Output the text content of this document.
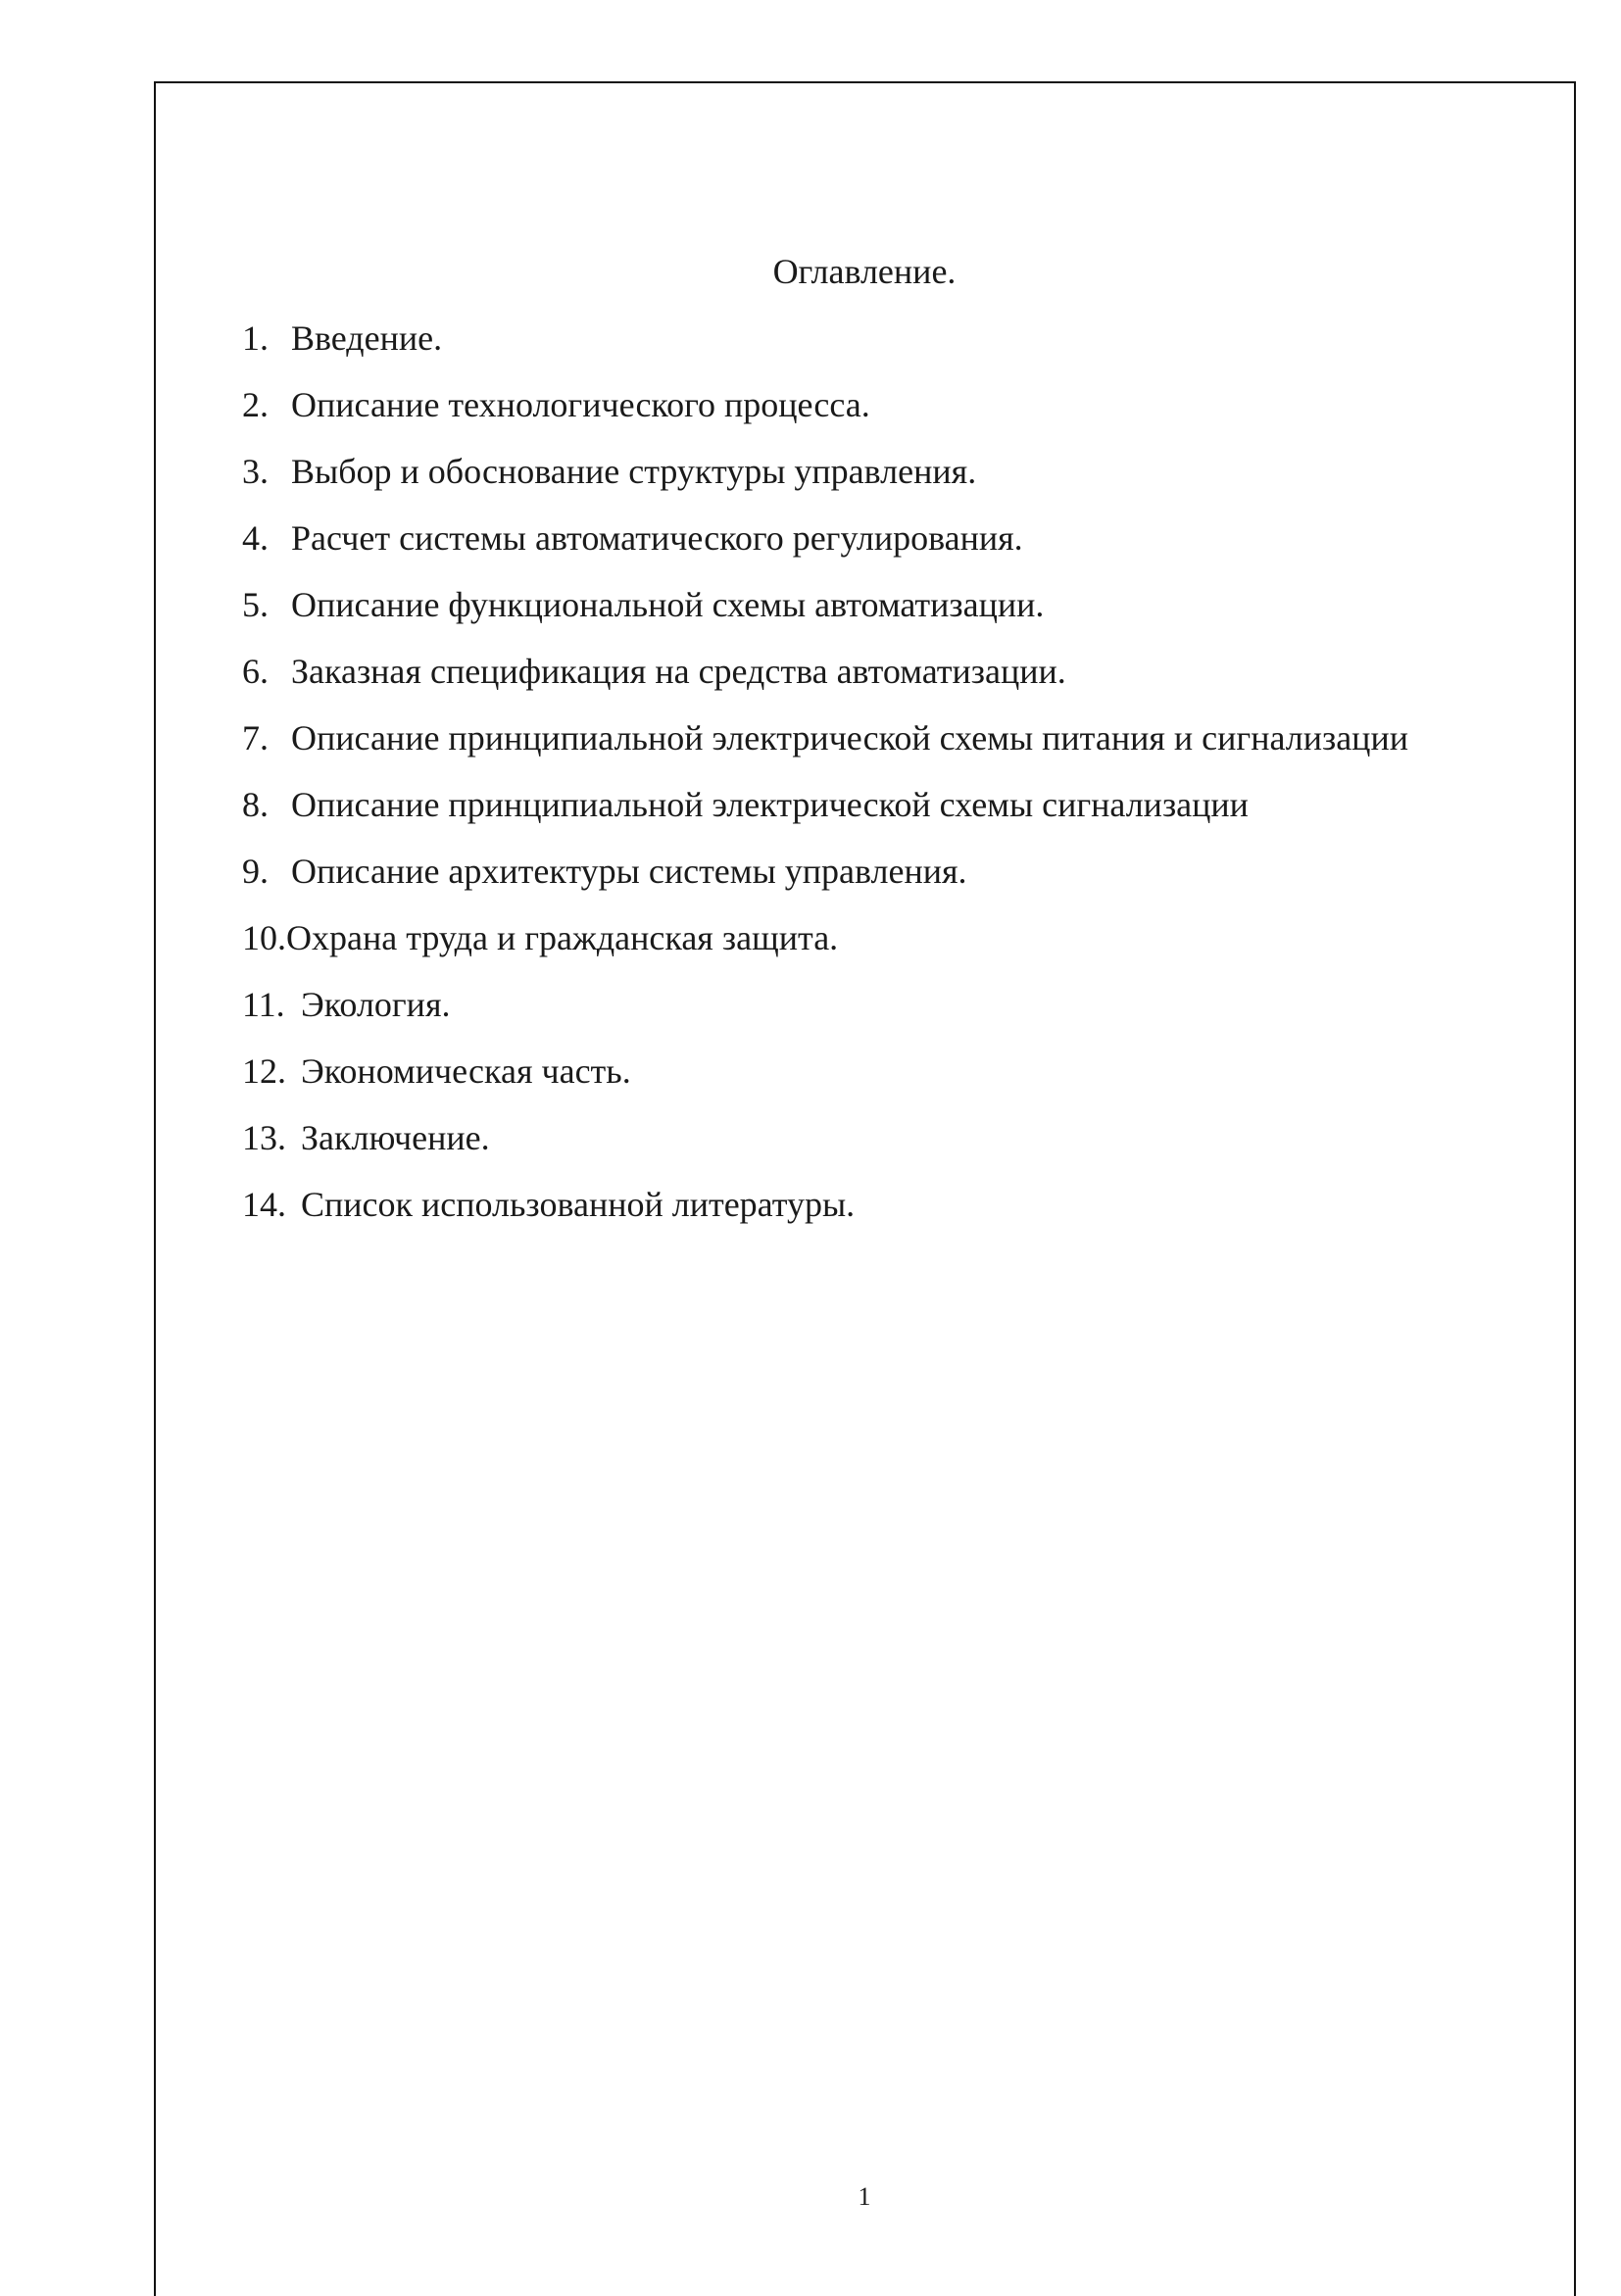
Оглавление.
1. Введение.
2. Описание технологического процесса.
3. Выбор и обоснование структуры управления.
4. Расчет системы автоматического регулирования.
5. Описание функциональной схемы автоматизации.
6. Заказная спецификация на средства автоматизации.
7. Описание принципиальной электрической схемы питания и сигнализации
8. Описание принципиальной электрической схемы сигнализации
9. Описание архитектуры системы управления.
10.Охрана труда и гражданская защита.
11. Экология.
12. Экономическая часть.
13. Заключение.
14. Список использованной литературы.
1
